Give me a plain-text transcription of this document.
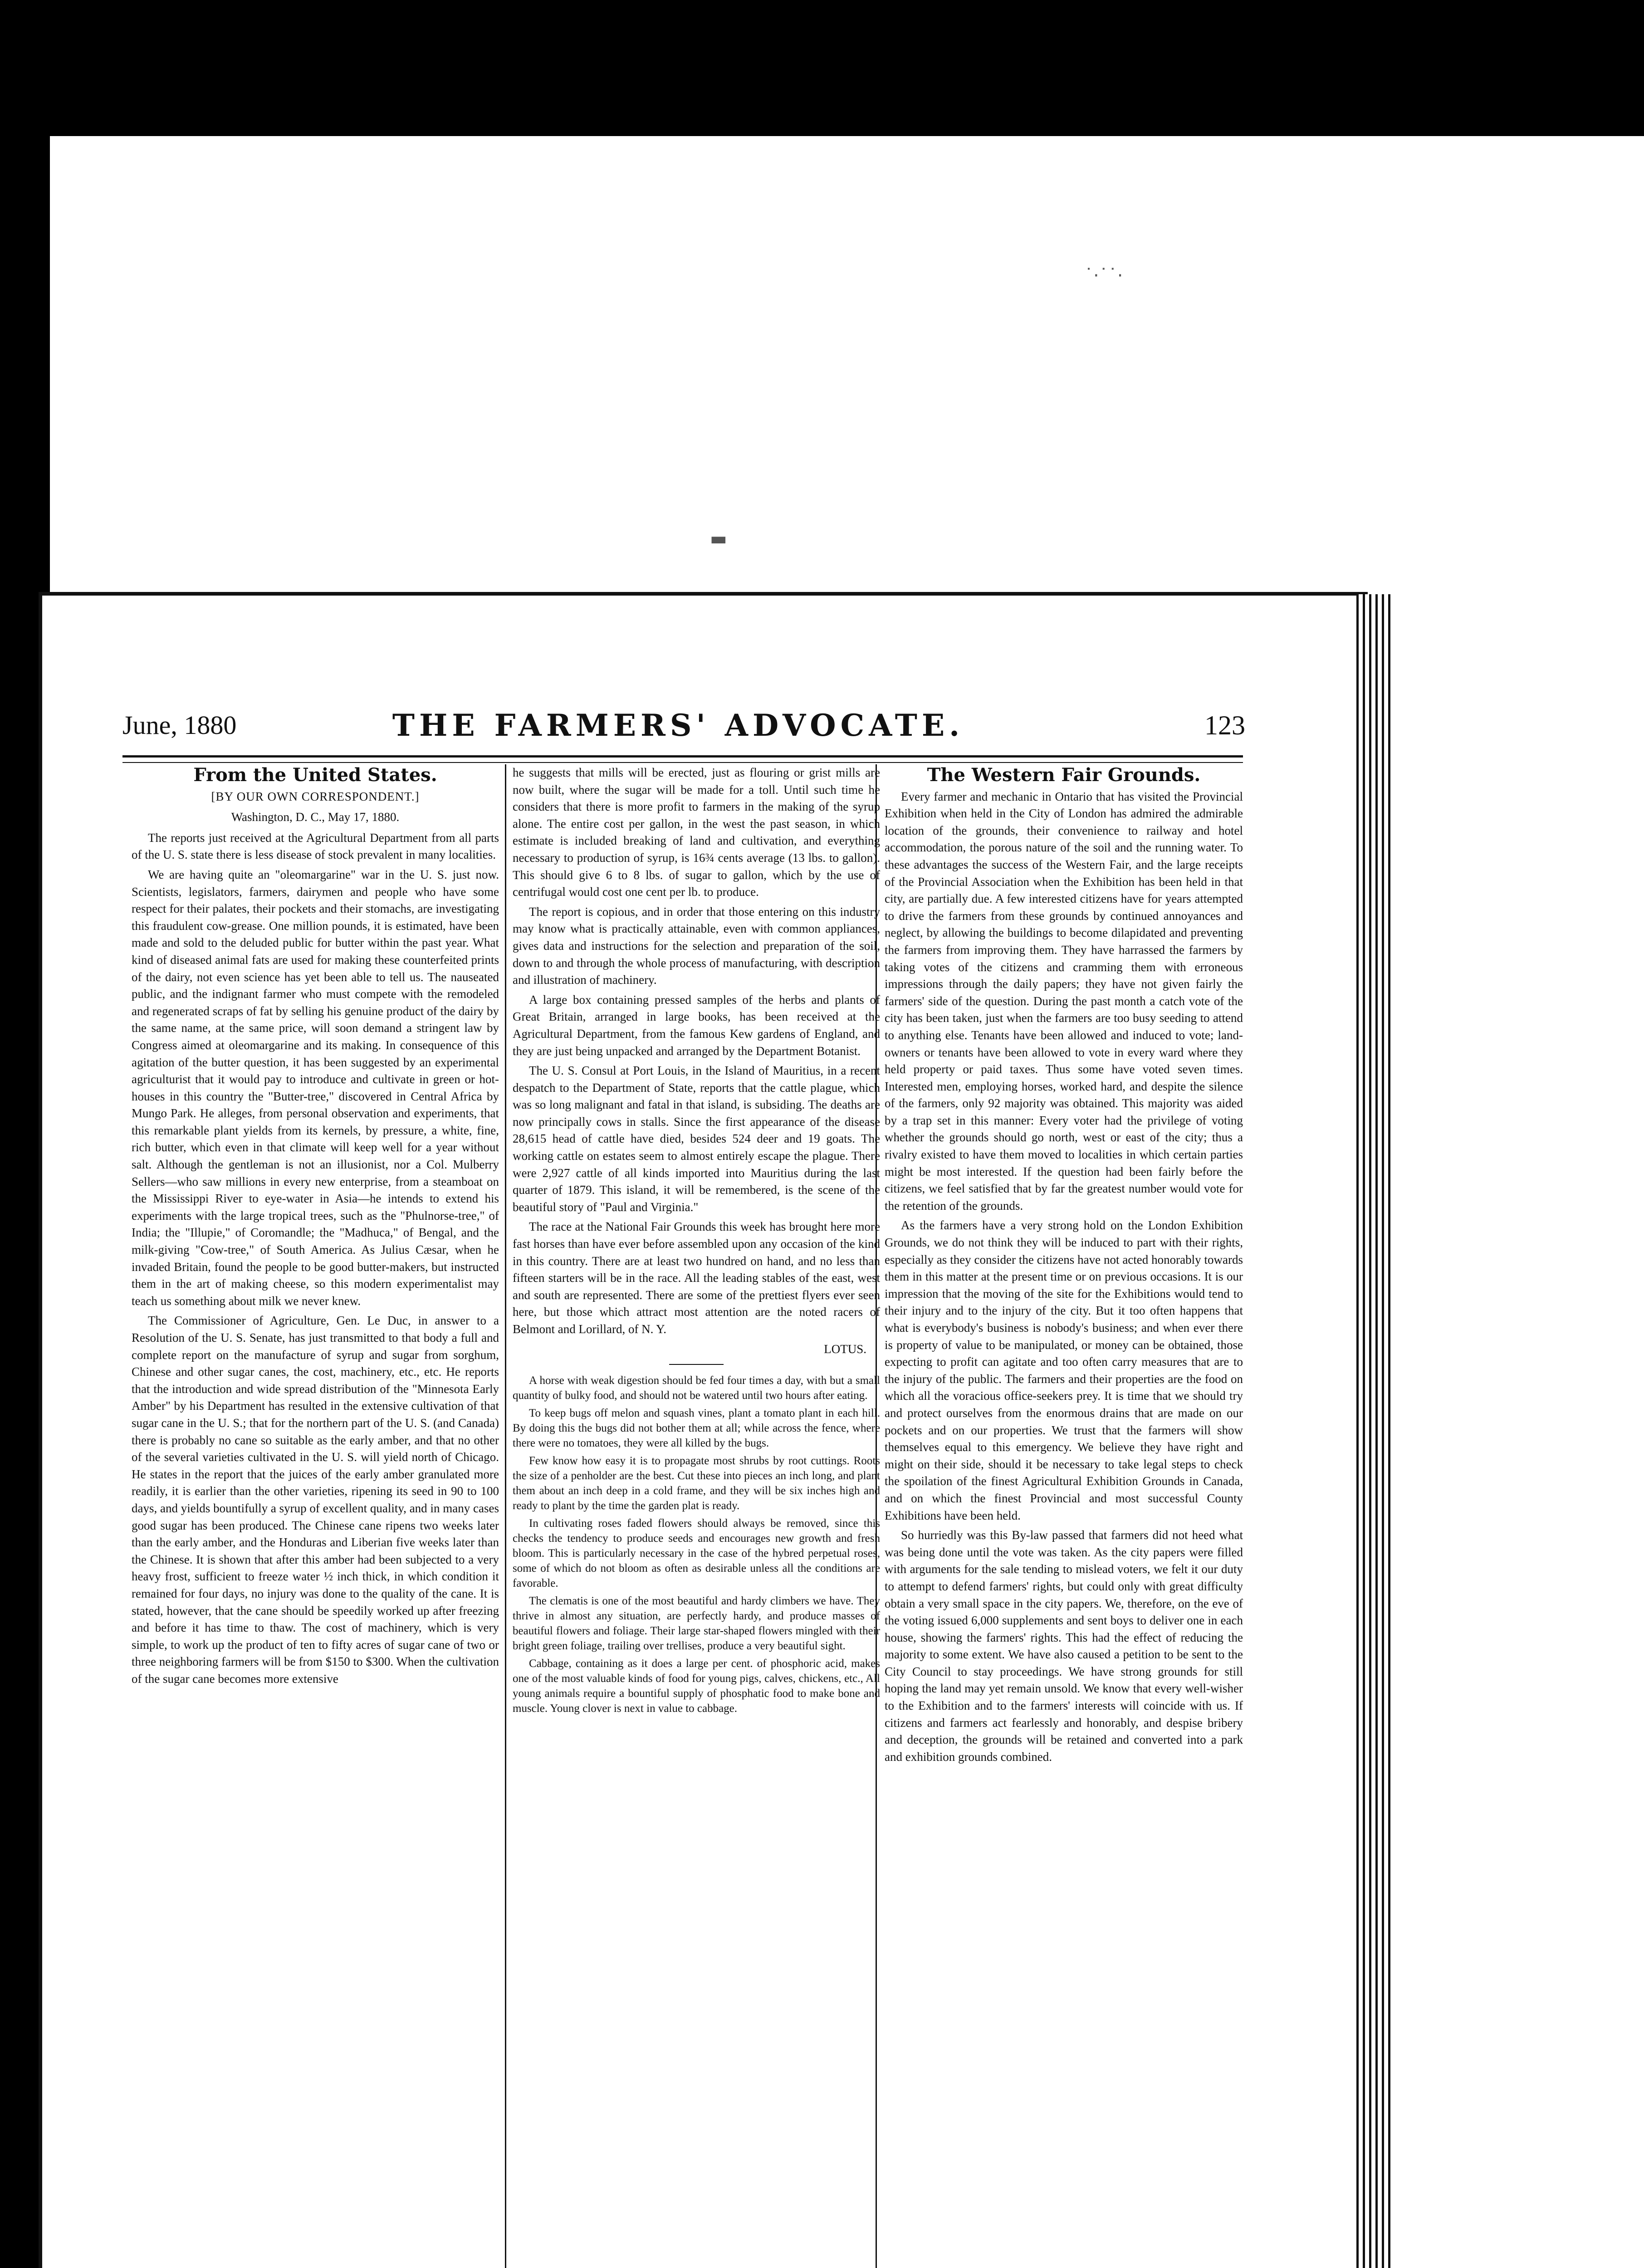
˙·˙˙·
▬
June, 1880	THE FARMERS' ADVOCATE.	123
From the United States.
[BY OUR OWN CORRESPONDENT.]
Washington, D. C., May 17, 1880.

The reports just received at the Agricultural Department from all parts of the U. S. state there is less disease of stock prevalent in many localities.

We are having quite an "oleomargarine" war in the U. S. just now. Scientists, legislators, farmers, dairymen and people who have some respect for their palates, their pockets and their stomachs, are investigating this fraudulent cow-grease. One million pounds, it is estimated, have been made and sold to the deluded public for butter within the past year. What kind of diseased animal fats are used for making these counterfeited prints of the dairy, not even science has yet been able to tell us. The nauseated public, and the indignant farmer who must compete with the remodeled and regenerated scraps of fat by selling his genuine product of the dairy by the same name, at the same price, will soon demand a stringent law by Congress aimed at oleomargarine and its making. In consequence of this agitation of the butter question, it has been suggested by an experimental agriculturist that it would pay to introduce and cultivate in green or hot-houses in this country the "Butter-tree," discovered in Central Africa by Mungo Park. He alleges, from personal observation and experiments, that this remarkable plant yields from its kernels, by pressure, a white, fine, rich butter, which even in that climate will keep well for a year without salt. Although the gentleman is not an illusionist, nor a Col. Mulberry Sellers—who saw millions in every new enterprise, from a steamboat on the Mississippi River to eye-water in Asia—he intends to extend his experiments with the large tropical trees, such as the "Phulnorse-tree," of India; the "Illupie," of Coromandle; the "Madhuca," of Bengal, and the milk-giving "Cow-tree," of South America. As Julius Cæsar, when he invaded Britain, found the people to be good butter-makers, but instructed them in the art of making cheese, so this modern experimentalist may teach us something about milk we never knew.

The Commissioner of Agriculture, Gen. Le Duc, in answer to a Resolution of the U. S. Senate, has just transmitted to that body a full and complete report on the manufacture of syrup and sugar from sorghum, Chinese and other sugar canes, the cost, machinery, etc., etc. He reports that the introduction and wide spread distribution of the "Minnesota Early Amber" by his Department has resulted in the extensive cultivation of that sugar cane in the U. S.; that for the northern part of the U. S. (and Canada) there is probably no cane so suitable as the early amber, and that no other of the several varieties cultivated in the U. S. will yield north of Chicago. He states in the report that the juices of the early amber granulated more readily, it is earlier than the other varieties, ripening its seed in 90 to 100 days, and yields bountifully a syrup of excellent quality, and in many cases good sugar has been produced. The Chinese cane ripens two weeks later than the early amber, and the Honduras and Liberian five weeks later than the Chinese. It is shown that after this amber had been subjected to a very heavy frost, sufficient to freeze water ½ inch thick, in which condition it remained for four days, no injury was done to the quality of the cane. It is stated, however, that the cane should be speedily worked up after freezing and before it has time to thaw. The cost of machinery, which is very simple, to work up the product of ten to fifty acres of sugar cane of two or three neighboring farmers will be from $150 to $300. When the cultivation of the sugar cane becomes more extensive

he suggests that mills will be erected, just as flouring or grist mills are now built, where the sugar will be made for a toll. Until such time he considers that there is more profit to farmers in the making of the syrup alone. The entire cost per gallon, in the west the past season, in which estimate is included breaking of land and cultivation, and everything necessary to production of syrup, is 16¾ cents average (13 lbs. to gallon). This should give 6 to 8 lbs. of sugar to gallon, which by the use of centrifugal would cost one cent per lb. to produce.

The report is copious, and in order that those entering on this industry may know what is practically attainable, even with common appliances, gives data and instructions for the selection and preparation of the soil, down to and through the whole process of manufacturing, with description and illustration of machinery.

A large box containing pressed samples of the herbs and plants of Great Britain, arranged in large books, has been received at the Agricultural Department, from the famous Kew gardens of England, and they are just being unpacked and arranged by the Department Botanist.

The U. S. Consul at Port Louis, in the Island of Mauritius, in a recent despatch to the Department of State, reports that the cattle plague, which was so long malignant and fatal in that island, is subsiding. The deaths are now principally cows in stalls. Since the first appearance of the disease 28,615 head of cattle have died, besides 524 deer and 19 goats. The working cattle on estates seem to almost entirely escape the plague. There were 2,927 cattle of all kinds imported into Mauritius during the last quarter of 1879. This island, it will be remembered, is the scene of the beautiful story of "Paul and Virginia."

The race at the National Fair Grounds this week has brought here more fast horses than have ever before assembled upon any occasion of the kind in this country. There are at least two hundred on hand, and no less than fifteen starters will be in the race. All the leading stables of the east, west and south are represented. There are some of the prettiest flyers ever seen here, but those which attract most attention are the noted racers of Belmont and Lorillard, of N. Y.

LOTUS.

A horse with weak digestion should be fed four times a day, with but a small quantity of bulky food, and should not be watered until two hours after eating.

To keep bugs off melon and squash vines, plant a tomato plant in each hill. By doing this the bugs did not bother them at all; while across the fence, where there were no tomatoes, they were all killed by the bugs.

Few know how easy it is to propagate most shrubs by root cuttings. Roots the size of a penholder are the best. Cut these into pieces an inch long, and plant them about an inch deep in a cold frame, and they will be six inches high and ready to plant by the time the garden plat is ready.

In cultivating roses faded flowers should always be removed, since this checks the tendency to produce seeds and encourages new growth and fresh bloom. This is particularly necessary in the case of the hybred perpetual roses, some of which do not bloom as often as desirable unless all the conditions are favorable.

The clematis is one of the most beautiful and hardy climbers we have. They thrive in almost any situation, are perfectly hardy, and produce masses of beautiful flowers and foliage. Their large star-shaped flowers mingled with their bright green foliage, trailing over trellises, produce a very beautiful sight.

Cabbage, containing as it does a large per cent. of phosphoric acid, makes one of the most valuable kinds of food for young pigs, calves, chickens, etc., All young animals require a bountiful supply of phosphatic food to make bone and muscle. Young clover is next in value to cabbage.

The Western Fair Grounds.

Every farmer and mechanic in Ontario that has visited the Provincial Exhibition when held in the City of London has admired the admirable location of the grounds, their convenience to railway and hotel accommodation, the porous nature of the soil and the running water. To these advantages the success of the Western Fair, and the large receipts of the Provincial Association when the Exhibition has been held in that city, are partially due. A few interested citizens have for years attempted to drive the farmers from these grounds by continued annoyances and neglect, by allowing the buildings to become dilapidated and preventing the farmers from improving them. They have harrassed the farmers by taking votes of the citizens and cramming them with erroneous impressions through the daily papers; they have not given fairly the farmers' side of the question. During the past month a catch vote of the city has been taken, just when the farmers are too busy seeding to attend to anything else. Tenants have been allowed and induced to vote; land-owners or tenants have been allowed to vote in every ward where they held property or paid taxes. Thus some have voted seven times. Interested men, employing horses, worked hard, and despite the silence of the farmers, only 92 majority was obtained. This majority was aided by a trap set in this manner: Every voter had the privilege of voting whether the grounds should go north, west or east of the city; thus a rivalry existed to have them moved to localities in which certain parties might be most interested. If the question had been fairly before the citizens, we feel satisfied that by far the greatest number would vote for the retention of the grounds.

As the farmers have a very strong hold on the London Exhibition Grounds, we do not think they will be induced to part with their rights, especially as they consider the citizens have not acted honorably towards them in this matter at the present time or on previous occasions. It is our impression that the moving of the site for the Exhibitions would tend to their injury and to the injury of the city. But it too often happens that what is everybody's business is nobody's business; and when ever there is property of value to be manipulated, or money can be obtained, those expecting to profit can agitate and too often carry measures that are to the injury of the public. The farmers and their properties are the food on which all the voracious office-seekers prey. It is time that we should try and protect ourselves from the enormous drains that are made on our pockets and on our properties. We trust that the farmers will show themselves equal to this emergency. We believe they have right and might on their side, should it be necessary to take legal steps to check the spoilation of the finest Agricultural Exhibition Grounds in Canada, and on which the finest Provincial and most successful County Exhibitions have been held.

So hurriedly was this By-law passed that farmers did not heed what was being done until the vote was taken. As the city papers were filled with arguments for the sale tending to mislead voters, we felt it our duty to attempt to defend farmers' rights, but could only with great difficulty obtain a very small space in the city papers. We, therefore, on the eve of the voting issued 6,000 supplements and sent boys to deliver one in each house, showing the farmers' rights. This had the effect of reducing the majority to some extent. We have also caused a petition to be sent to the City Council to stay proceedings. We have strong grounds for still hoping the land may yet remain unsold. We know that every well-wisher to the Exhibition and to the farmers' interests will coincide with us. If citizens and farmers act fearlessly and honorably, and despise bribery and deception, the grounds will be retained and converted into a park and exhibition grounds combined.
